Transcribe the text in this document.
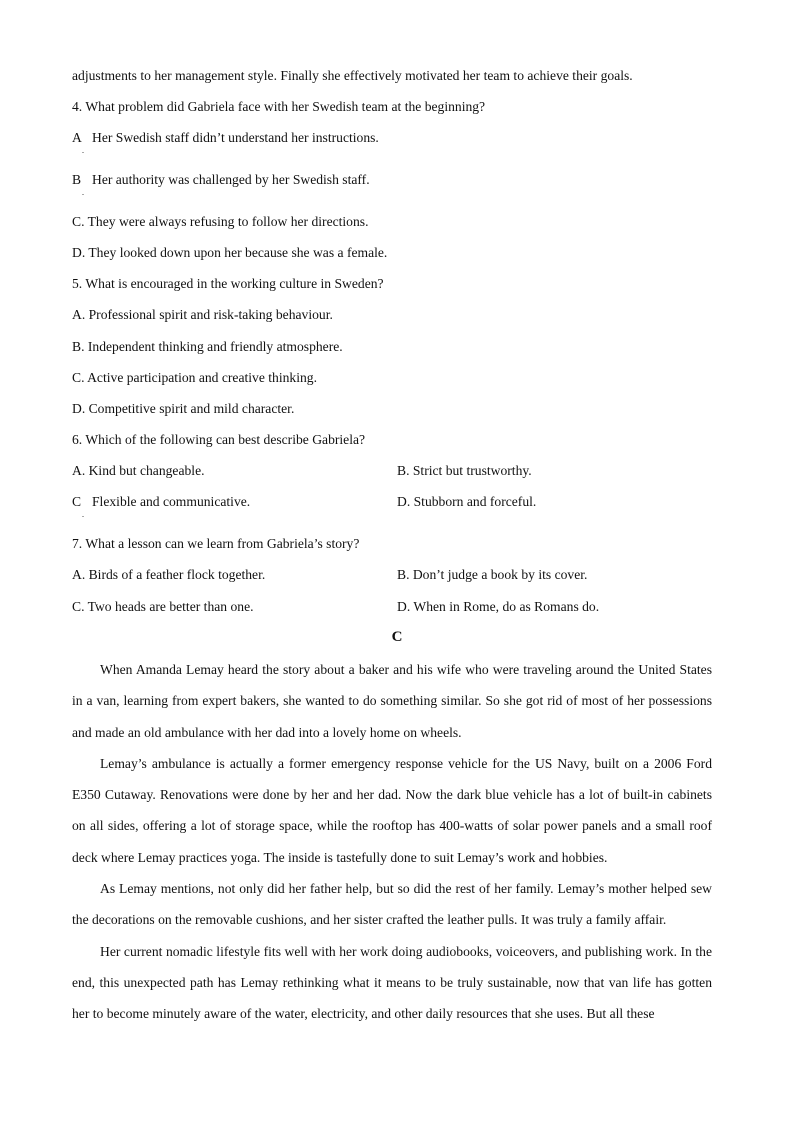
adjustments to her management style. Finally she effectively motivated her team to achieve their goals.
4. What problem did Gabriela face with her Swedish team at the beginning?
A
.
Her Swedish staff didn’t understand her instructions.
B
.
Her authority was challenged by her Swedish staff.
C. They were always refusing to follow her directions.
D. They looked down upon her because she was a female.
5. What is encouraged in the working culture in Sweden?
A. Professional spirit and risk-taking behaviour.
B. Independent thinking and friendly atmosphere.
C. Active participation and creative thinking.
D. Competitive spirit and mild character.
6. Which of the following can best describe Gabriela?
A. Kind but changeable.	B. Strict but trustworthy.
C
.
Flexible and communicative.	D. Stubborn and forceful.
7. What a lesson can we learn from Gabriela’s story?
A. Birds of a feather flock together.	B. Don’t judge a book by its cover.
C. Two heads are better than one.	D. When in Rome, do as Romans do.
C

When Amanda Lemay heard the story about a baker and his wife who were traveling around the United States in a van, learning from expert bakers, she wanted to do something similar. So she got rid of most of her possessions and made an old ambulance with her dad into a lovely home on wheels.

Lemay’s ambulance is actually a former emergency response vehicle for the US Navy, built on a 2006 Ford E350 Cutaway. Renovations were done by her and her dad. Now the dark blue vehicle has a lot of built-in cabinets on all sides, offering a lot of storage space, while the rooftop has 400-watts of solar power panels and a small roof deck where Lemay practices yoga. The inside is tastefully done to suit Lemay’s work and hobbies.

As Lemay mentions, not only did her father help, but so did the rest of her family. Lemay’s mother helped sew the decorations on the removable cushions, and her sister crafted the leather pulls. It was truly a family affair.

Her current nomadic lifestyle fits well with her work doing audiobooks, voiceovers, and publishing work. In the end, this unexpected path has Lemay rethinking what it means to be truly sustainable, now that van life has gotten her to become minutely aware of the water, electricity, and other daily resources that she uses. But all these
